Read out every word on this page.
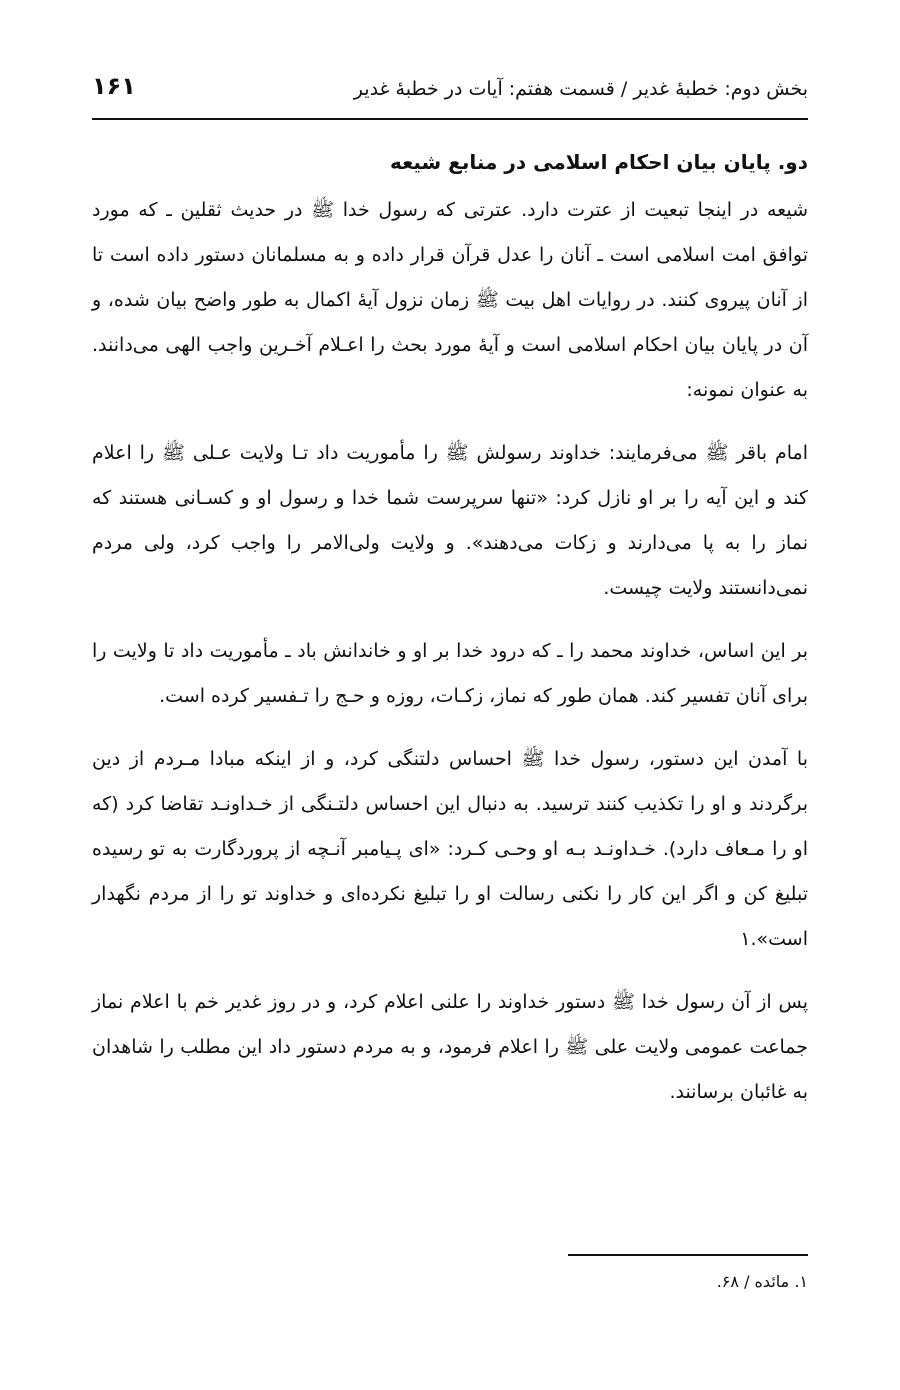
بخش دوم: خطبهٔ غدیر / قسمت هفتم: آیات در خطبهٔ غدیر
۱۶۱
دو. پایان بیان احکام اسلامی در منابع شیعه

شیعه در اینجا تبعیت از عترت دارد. عترتی که رسول خدا ﷺ در حدیث ثقلین ـ که مورد توافق امت اسلامی است ـ آنان را عدل قرآن قرار داده و به مسلمانان دستور داده است تا از آنان پیروی کنند. در روایات اهل بیت ﷺ زمان نزول آیهٔ اکمال به طور واضح بیان شده، و آن در پایان بیان احکام اسلامی است و آیهٔ مورد بحث را اعـلام آخـرین واجب الهی می‌دانند. به عنوان نمونه:

امام باقر ﷺ می‌فرمایند: خداوند رسولش ﷺ را مأموریت داد تـا ولایت عـلی ﷺ را اعلام کند و این آیه را بر او نازل کرد: «تنها سرپرست شما خدا و رسول او و کسـانی هستند که نماز را به پا می‌دارند و زکات می‌دهند». و ولایت ولی‌الامر را واجب کرد، ولی مردم نمی‌دانستند ولایت چیست.

بر این اساس، خداوند محمد را ـ که درود خدا بر او و خاندانش باد ـ مأموریت داد تا ولایت را برای آنان تفسیر کند. همان طور که نماز، زکـات، روزه و حـج را تـفسیر کرده است.

با آمدن این دستور، رسول خدا ﷺ احساس دلتنگی کرد، و از اینکه مبادا مـردم از دین برگردند و او را تکذیب کنند ترسید. به دنبال این احساس دلتـنگی از خـداونـد تقاضا کرد (که او را مـعاف دارد). خـداونـد بـه او وحـی کـرد: «ای پـیامبر آنـچه از پروردگارت به تو رسیده تبلیغ کن و اگر این کار را نکنی رسالت او را تبلیغ نکرده‌ای و خداوند تو را از مردم نگهدار است».۱

پس از آن رسول خدا ﷺ دستور خداوند را علنی اعلام کرد، و در روز غدیر خم با اعلام نماز جماعت عمومی ولایت علی ﷺ را اعلام فرمود، و به مردم دستور داد این مطلب را شاهدان به غائبان برسانند.

۱. مائده / ۶۸.
